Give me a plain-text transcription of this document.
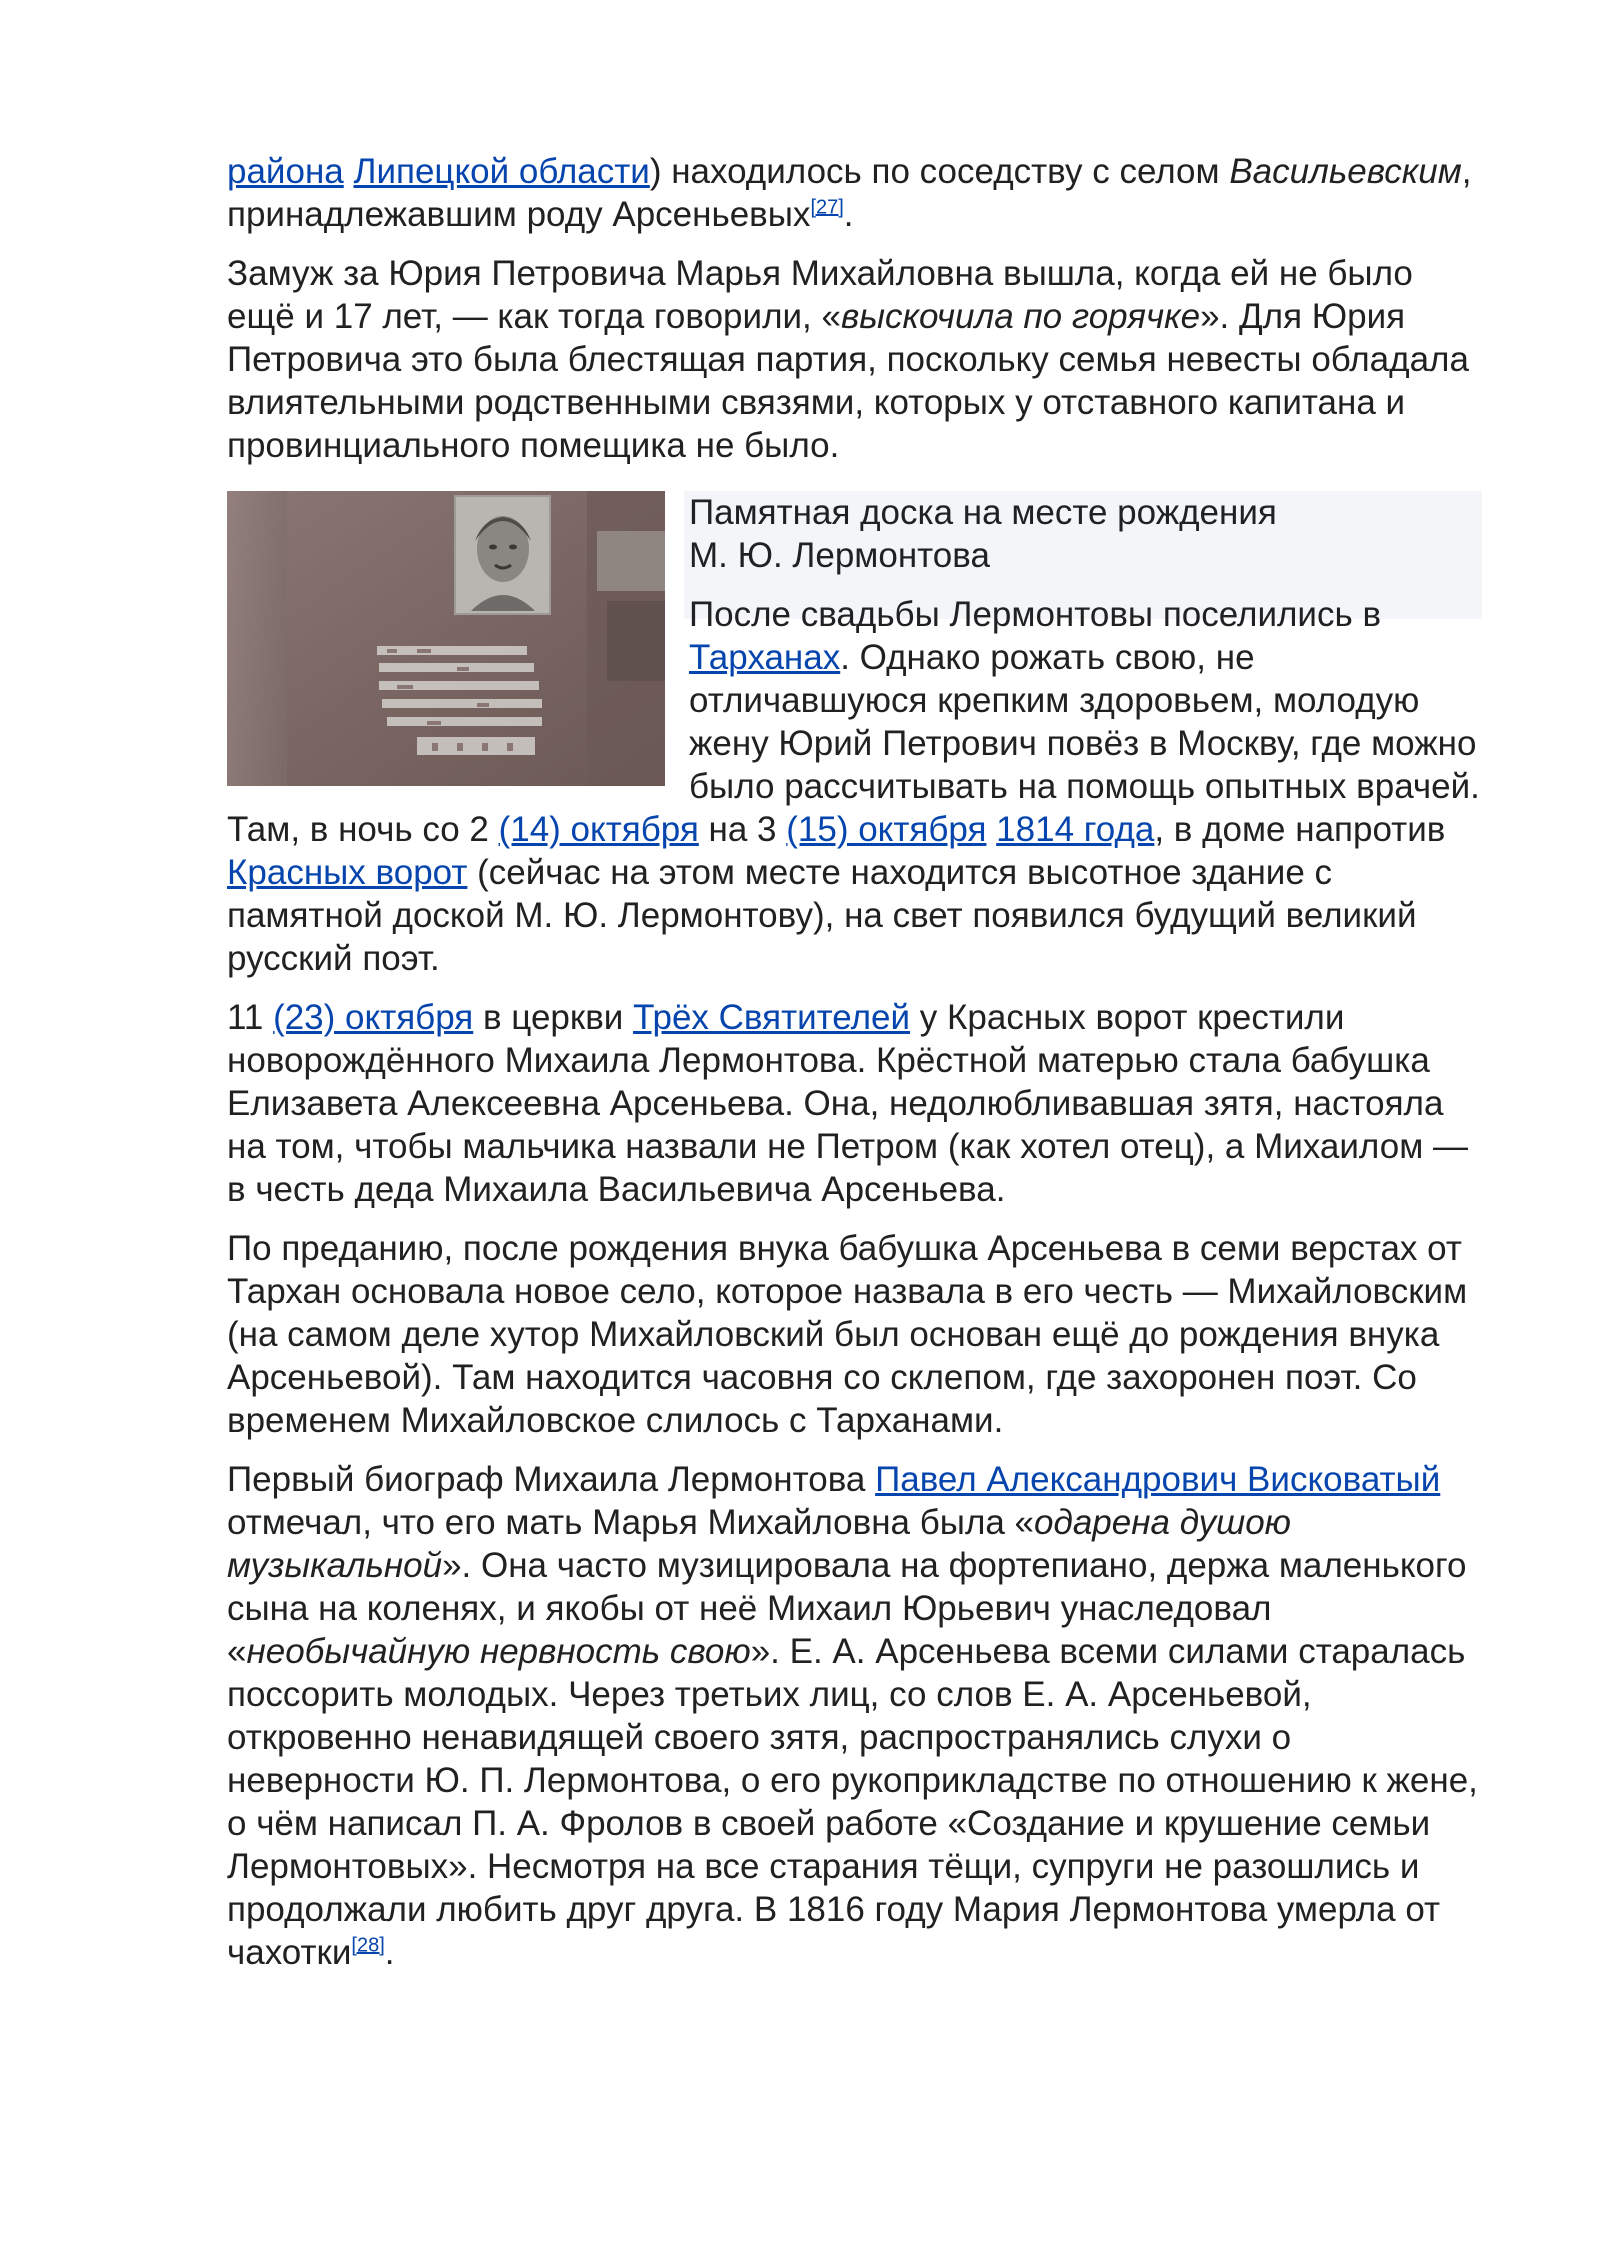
района Липецкой области) находилось по соседству с селом Васильевским, принадлежавшим роду Арсеньевых[27].

Замуж за Юрия Петровича Марья Михайловна вышла, когда ей не было ещё и 17 лет, — как тогда говорили, «выскочила по горячке». Для Юрия Петровича это была блестящая партия, поскольку семья невесты обладала влиятельными родственными связями, которых у отставного капитана и провинциального помещика не было.

Памятная доска на месте рождения
М. Ю. Лермонтова

После свадьбы Лермонтовы поселились в Тарханах. Однако рожать свою, не отличавшуюся крепким здоровьем, молодую жену Юрий Петрович повёз в Москву, где можно было рассчитывать на помощь опытных врачей. Там, в ночь со 2 (14) октября на 3 (15) октября 1814 года, в доме напротив Красных ворот (сейчас на этом месте находится высотное здание с памятной доской М. Ю. Лермонтову), на свет появился будущий великий русский поэт.

11 (23) октября в церкви Трёх Святителей у Красных ворот крестили новорождённого Михаила Лермонтова. Крёстной матерью стала бабушка Елизавета Алексеевна Арсеньева. Она, недолюбливавшая зятя, настояла на том, чтобы мальчика назвали не Петром (как хотел отец), а Михаилом — в честь деда Михаила Васильевича Арсеньева.

По преданию, после рождения внука бабушка Арсеньева в семи верстах от Тархан основала новое село, которое назвала в его честь — Михайловским (на самом деле хутор Михайловский был основан ещё до рождения внука Арсеньевой). Там находится часовня со склепом, где захоронен поэт. Со временем Михайловское слилось с Тарханами.

Первый биограф Михаила Лермонтова Павел Александрович Висковатый отмечал, что его мать Марья Михайловна была «одарена душою музыкальной». Она часто музицировала на фортепиано, держа маленького сына на коленях, и якобы от неё Михаил Юрьевич унаследовал «необычайную нервность свою». Е. А. Арсеньева всеми силами старалась поссорить молодых. Через третьих лиц, со слов Е. А. Арсеньевой, откровенно ненавидящей своего зятя, распространялись слухи о неверности Ю. П. Лермонтова, о его рукоприкладстве по отношению к жене, о чём написал П. А. Фролов в своей работе «Создание и крушение семьи Лермонтовых». Несмотря на все старания тёщи, супруги не разошлись и продолжали любить друг друга. В 1816 году Мария Лермонтова умерла от чахотки[28].
